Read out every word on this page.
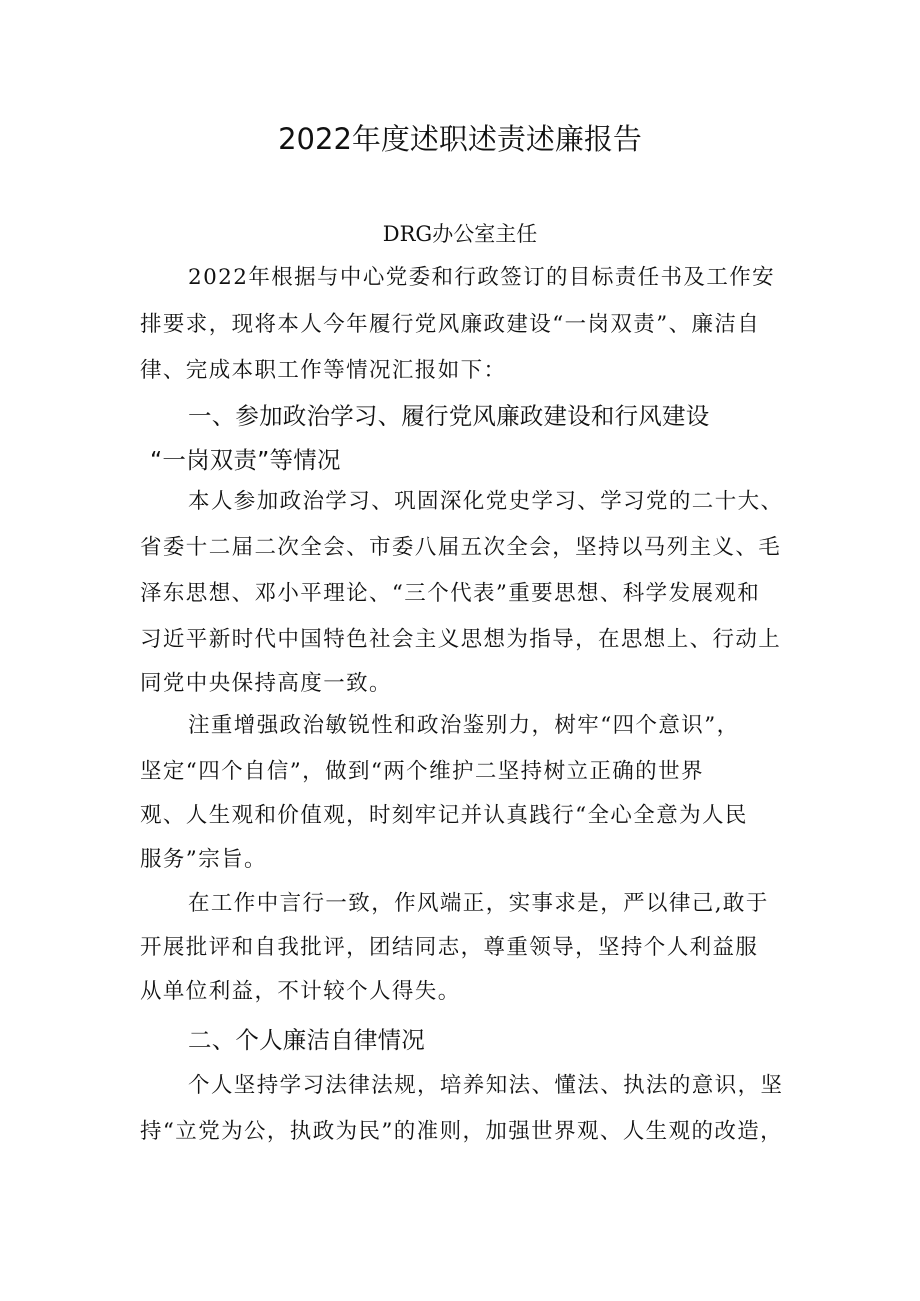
2022年度述职述责述廉报告
DRG办公室主任
2022年根据与中心党委和行政签订的目标责任书及工作安
排要求，现将本人今年履行党风廉政建设“一岗双责”、廉洁自
律、完成本职工作等情况汇报如下：
一、参加政治学习、履行党风廉政建设和行风建设
“一岗双责”等情况
本人参加政治学习、巩固深化党史学习、学习党的二十大、
省委十二届二次全会、市委八届五次全会，坚持以马列主义、毛
泽东思想、邓小平理论、“三个代表”重要思想、科学发展观和
习近平新时代中国特色社会主义思想为指导，在思想上、行动上
同党中央保持高度一致。
注重增强政治敏锐性和政治鉴别力，树牢“四个意识”，
坚定“四个自信”，做到“两个维护二坚持树立正确的世界
观、人生观和价值观，时刻牢记并认真践行“全心全意为人民
服务”宗旨。
在工作中言行一致，作风端正，实事求是，严以律己,敢于
开展批评和自我批评，团结同志，尊重领导，坚持个人利益服
从单位利益，不计较个人得失。
二、个人廉洁自律情况
个人坚持学习法律法规，培养知法、懂法、执法的意识，坚
持“立党为公，执政为民”的准则，加强世界观、人生观的改造，
